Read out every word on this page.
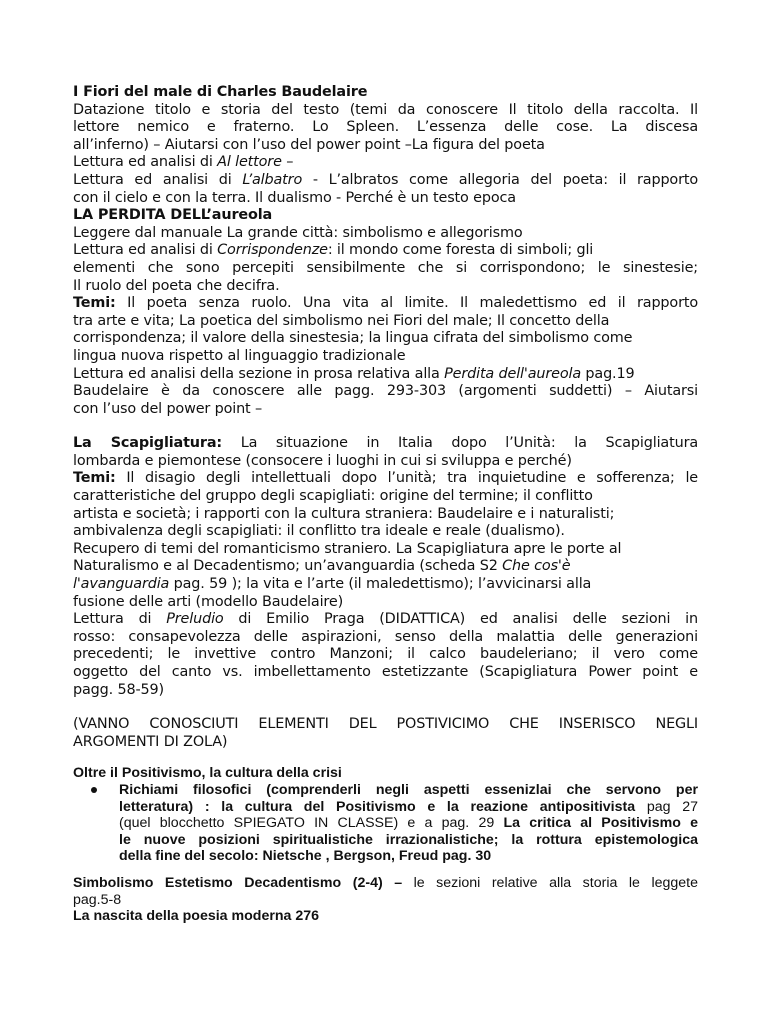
I Fiori del male di Charles Baudelaire
Datazione titolo e storia del testo (temi da conoscere Il titolo della raccolta. Il
lettore nemico e fraterno. Lo Spleen. L’essenza delle cose. La discesa
all’inferno) – Aiutarsi con l’uso del power point –La figura del poeta
Lettura ed analisi di Al lettore –
Lettura ed analisi di L’albatro - L’albratos come allegoria del poeta: il rapporto
con il cielo e con la terra. Il dualismo - Perché è un testo epoca
LA PERDITA DELL’aureola
Leggere dal manuale La grande città: simbolismo e allegorismo
Lettura ed analisi di Corrispondenze: il mondo come foresta di simboli; gli
elementi che sono percepiti sensibilmente che si corrispondono; le sinestesie;
Il ruolo del poeta che decifra.
Temi: Il poeta senza ruolo. Una vita al limite. Il maledettismo ed il rapporto
tra arte e vita; La poetica del simbolismo nei Fiori del male; Il concetto della
corrispondenza; il valore della sinestesia; la lingua cifrata del simbolismo come
lingua nuova rispetto al linguaggio tradizionale
Lettura ed analisi della sezione in prosa relativa alla Perdita dell'aureola pag.19
Baudelaire è da conoscere alle pagg. 293-303 (argomenti suddetti) – Aiutarsi
con l’uso del power point –
La Scapigliatura: La situazione in Italia dopo l’Unità: la Scapigliatura
lombarda e piemontese (consocere i luoghi in cui si sviluppa e perché)
Temi: Il disagio degli intellettuali dopo l’unità; tra inquietudine e sofferenza; le
caratteristiche del gruppo degli scapigliati: origine del termine; il conflitto
artista e società; i rapporti con la cultura straniera: Baudelaire e i naturalisti;
ambivalenza degli scapigliati: il conflitto tra ideale e reale (dualismo).
Recupero di temi del romanticismo straniero. La Scapigliatura apre le porte al
Naturalismo e al Decadentismo; un’avanguardia (scheda S2 Che cos'è
l'avanguardia pag. 59 ); la vita e l’arte (il maledettismo); l’avvicinarsi alla
fusione delle arti (modello Baudelaire)
Lettura di Preludio di Emilio Praga (DIDATTICA) ed analisi delle sezioni in
rosso: consapevolezza delle aspirazioni, senso della malattia delle generazioni
precedenti; le invettive contro Manzoni; il calco baudeleriano; il vero come
oggetto del canto vs. imbellettamento estetizzante (Scapigliatura Power point e
pagg. 58-59)
(VANNO CONOSCIUTI ELEMENTI DEL POSTIVICIMO CHE INSERISCO NEGLI
ARGOMENTI DI ZOLA)
Oltre il Positivismo, la cultura della crisi
Richiami filosofici (comprenderli negli aspetti essenizlai che servono per
letteratura) : la cultura del Positivismo e la reazione antipositivista pag 27
(quel blocchetto SPIEGATO IN CLASSE) e a pag. 29 La critica al Positivismo e
le nuove posizioni spiritualistiche irrazionalistiche; la rottura epistemologica
della fine del secolo: Nietsche , Bergson, Freud pag. 30
Simbolismo Estetismo Decadentismo (2-4) – le sezioni relative alla storia le leggete
pag.5-8
La nascita della poesia moderna 276
